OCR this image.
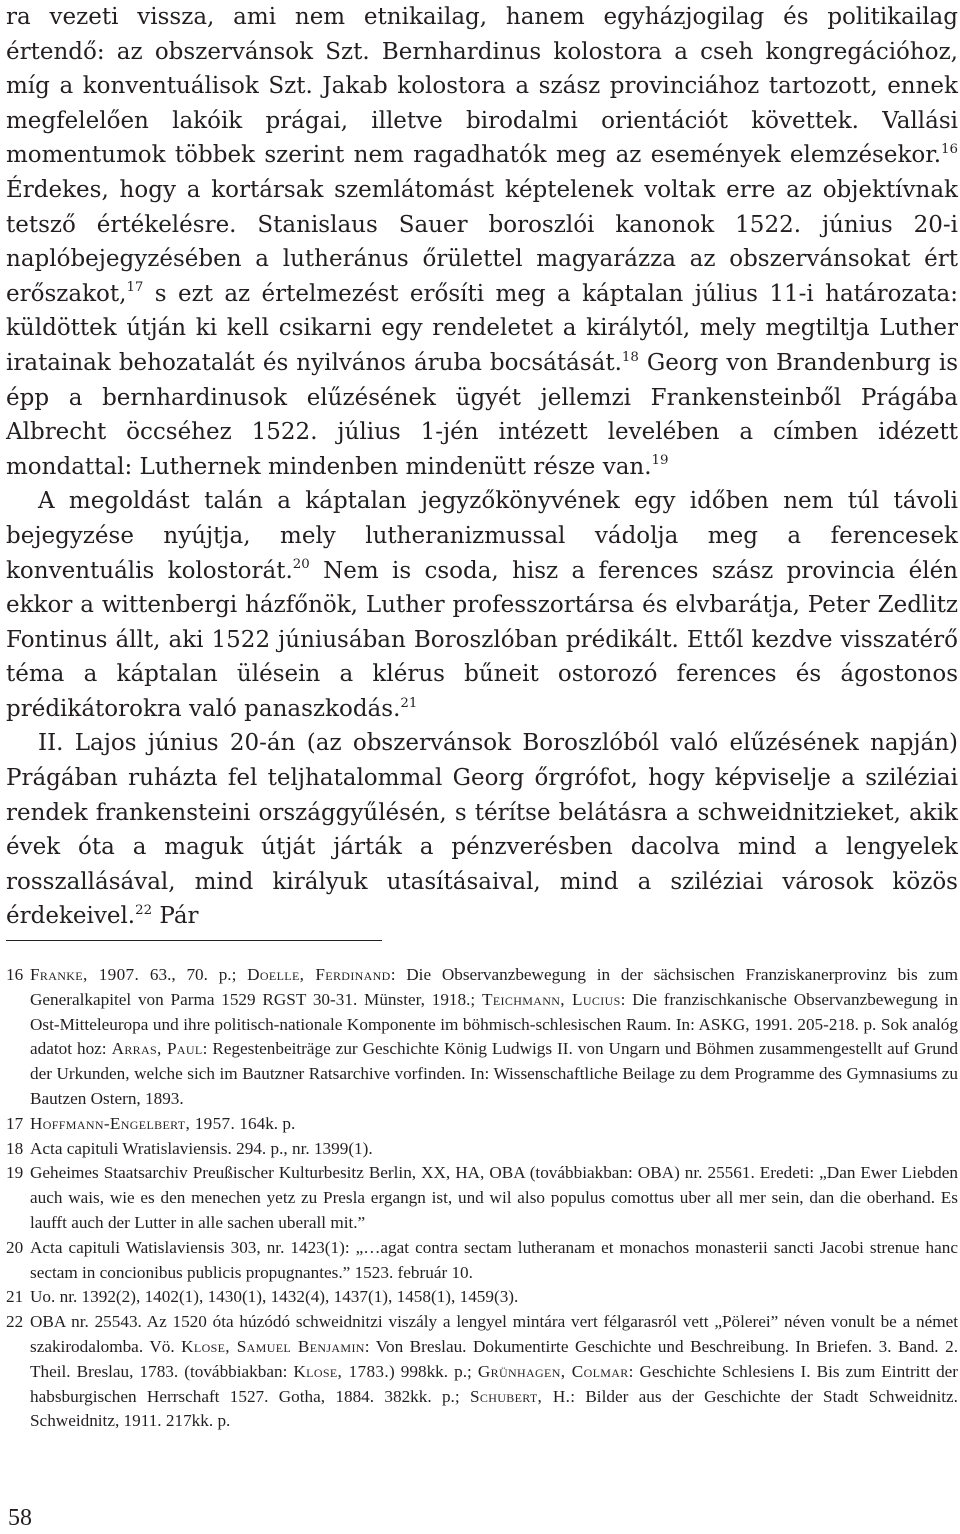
ra vezeti vissza, ami nem etnikailag, hanem egyházjogilag és politikailag értendő: az obszervánsok Szt. Bernhardinus kolostora a cseh kongregációhoz, míg a konventuálisok Szt. Jakab kolostora a szász provinciához tartozott, ennek megfelelően lakóik prágai, illetve birodalmi orientációt követtek. Vallási momentumok többek szerint nem ragadhatók meg az események elemzésekor.$^{16}$ Érdekes, hogy a kortársak szemlátomást képtelenek voltak erre az objektívnak tetsző értékelésre. Stanislaus Sauer boroszlói kanonok 1522. június 20-i naplóbejegyzésében a lutheránus őrülettel magyarázza az obszervánsokat ért erőszakot,$^{17}$ s ezt az értelmezést erősíti meg a káptalan július 11-i határozata: küldöttek útján ki kell csikarni egy rendeletet a királytól, mely megtiltja Luther iratainak behozatalát és nyilvános áruba bocsátását.$^{18}$ Georg von Brandenburg is épp a bernhardinusok elűzésének ügyét jellemzi Frankensteinből Prágába Albrecht öccséhez 1522. július 1-jén intézett levelében a címben idézett mondattal: Luthernek mindenben mindenütt része van.$^{19}$

A megoldást talán a káptalan jegyzőkönyvének egy időben nem túl távoli bejegyzése nyújtja, mely lutheranizmussal vádolja meg a ferencesek konventuális kolostorát.$^{20}$ Nem is csoda, hisz a ferences szász provincia élén ekkor a wittenbergi házfőnök, Luther professzortársa és elvbarátja, Peter Zedlitz Fontinus állt, aki 1522 júniusában Boroszlóban prédikált. Ettől kezdve visszatérő téma a káptalan ülésein a klérus bűneit ostorozó ferences és ágostonos prédikátorokra való panaszkodás.$^{21}$

II. Lajos június 20-án (az obszervánsok Boroszlóból való elűzésének napján) Prágában ruházta fel teljhatalommal Georg őrgrófot, hogy képviselje a sziléziai rendek frankensteini országgyűlésén, s térítse belátásra a schweidnitzieket, akik évek óta a maguk útját járták a pénzverésben dacolva mind a lengyelek rosszallásával, mind királyuk utasításaival, mind a sziléziai városok közös érdekeivel.$^{22}$ Pár

16 Franke, 1907. 63., 70. p.; Doelle, Ferdinand: Die Observanzbewegung in der sächsischen Franziskanerprovinz bis zum Generalkapitel von Parma 1529 RGST 30-31. Münster, 1918.; Teichmann, Lucius: Die franzischkanische Observanzbewegung in Ost-Mitteleuropa und ihre politisch-nationale Komponente im böhmisch-schlesischen Raum. In: ASKG, 1991. 205-218. p. Sok analóg adatot hoz: Arras, Paul: Regestenbeiträge zur Geschichte König Ludwigs II. von Ungarn und Böhmen zusammengestellt auf Grund der Urkunden, welche sich im Bautzner Ratsarchive vorfinden. In: Wissenschaftliche Beilage zu dem Programme des Gymnasiums zu Bautzen Ostern, 1893.
17 Hoffmann-Engelbert, 1957. 164k. p.
18 Acta capituli Wratislaviensis. 294. p., nr. 1399(1).
19 Geheimes Staatsarchiv Preußischer Kulturbesitz Berlin, XX, HA, OBA (továbbiakban: OBA) nr. 25561. Eredeti: „Dan Ewer Liebden auch wais, wie es den menechen yetz zu Presla ergangn ist, und wil also populus comottus uber all mer sein, dan die oberhand. Es laufft auch der Lutter in alle sachen uberall mit.”
20 Acta capituli Watislaviensis 303, nr. 1423(1): „…agat contra sectam lutheranam et monachos monasterii sancti Jacobi strenue hanc sectam in concionibus publicis propugnantes.” 1523. február 10.
21 Uo. nr. 1392(2), 1402(1), 1430(1), 1432(4), 1437(1), 1458(1), 1459(3).
22 OBA nr. 25543. Az 1520 óta húzódó schweidnitzi viszály a lengyel mintára vert félgarasról vett „Pölerei” néven vonult be a német szakirodalomba. Vö. Klose, Samuel Benjamin: Von Breslau. Dokumentirte Geschichte und Beschreibung. In Briefen. 3. Band. 2. Theil. Breslau, 1783. (továbbiakban: Klose, 1783.) 998kk. p.; Grünhagen, Colmar: Geschichte Schlesiens I. Bis zum Eintritt der habsburgischen Herrschaft 1527. Gotha, 1884. 382kk. p.; Schubert, H.: Bilder aus der Geschichte der Stadt Schweidnitz. Schweidnitz, 1911. 217kk. p.
58
